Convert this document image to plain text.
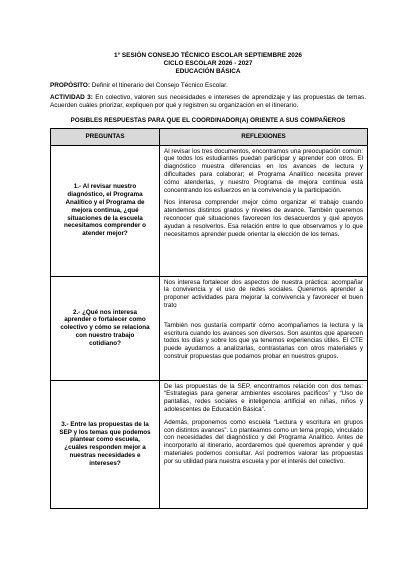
1° SESIÓN CONSEJO TÉCNICO ESCOLAR SEPTIEMBRE 2026
CICLO ESCOLAR 2026 - 2027
EDUCACIÓN BÁSICA
PROPÓSITO: Definir el Itinerario del Consejo Técnico Escolar.
ACTIVIDAD 3: En colectivo, valoren sus necesidades e intereses de aprendizaje y las propuestas de temas. Acuerden cuáles priorizar, expliquen por qué y registren su organización en el itinerario.
POSIBLES RESPUESTAS PARA QUE EL COORDINADOR(A) ORIENTE A SUS COMPAÑEROS
PREGUNTAS	REFLEXIONES
1.- Al revisar nuestro diagnóstico, el Programa Analítico y el Programa de mejora continua, ¿qué situaciones de la escuela necesitamos comprender o atender mejor?	Al revisar los tres documentos, encontramos una preocupación común: que todos los estudiantes puedan participar y aprender con otros. El diagnóstico muestra diferencias en los avances de lectura y dificultades para colaborar; el Programa Analítico necesita prever cómo atenderlas, y nuestro Programa de mejora continua está concentrando los esfuerzos en la convivencia y la participación.

Nos interesa comprender mejor cómo organizar el trabajo cuando atendemos distintos grados y niveles de avance. También queremos reconocer qué situaciones favorecen los desacuerdos y qué apoyos ayudan a resolverlos. Esa relación entre lo que observamos y lo que necesitamos aprender puede orientar la elección de los temas.

2.- ¿Qué nos interesa aprender o fortalecer como colectivo y cómo se relaciona con nuestro trabajo cotidiano?	Nos interesa fortalecer dos aspectos de nuestra práctica: acompañar la convivencia y el uso de redes sociales. Queremos aprender a proponer actividades para mejorar la convivencia y favorecer el buen trato

También nos gustaría compartir cómo acompañamos la lectura y la escritura cuando los avances son diversos. Son asuntos que aparecen todos los días y sobre los que ya tenemos experiencias útiles. El CTE puede ayudarnos a analizarlas, contrastarlas con otros materiales y construir propuestas que podamos probar en nuestros grupos.

3.- Entre las propuestas de la SEP y los temas que podemos plantear como escuela, ¿cuáles responden mejor a nuestras necesidades e intereses?	De las propuestas de la SEP, encontramos relación con dos temas: “Estrategias para generar ambientes escolares pacíficos” y “Uso de pantallas, redes sociales e inteligencia artificial en niñas, niños y adolescentes de Educación Básica”.

Además, proponemos como escuela “Lectura y escritura en grupos con distintos avances”. Lo planteamos como un tema propio, vinculado con necesidades del diagnóstico y del Programa Analítico. Antes de incorporarlo al itinerario, acordaremos qué queremos aprender y qué materiales podemos consultar. Así podremos valorar las propuestas por su utilidad para nuestra escuela y por el interés del colectivo.
